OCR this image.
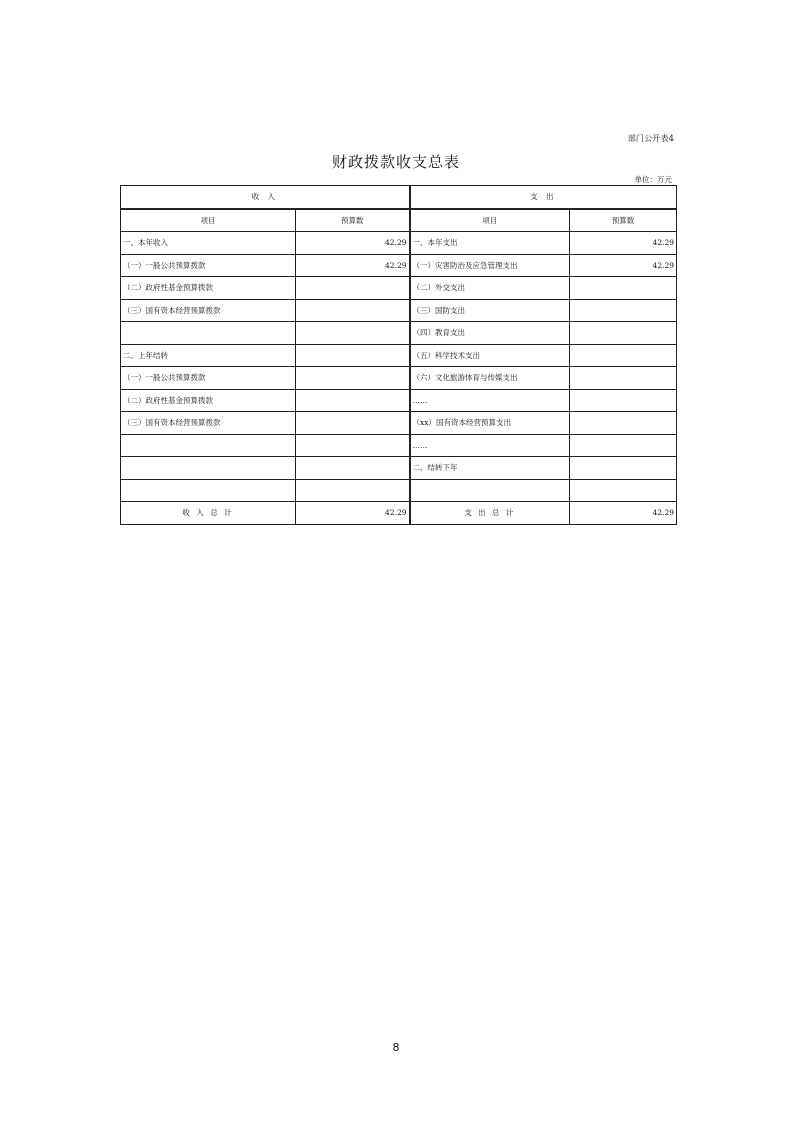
部门公开表4
财政拨款收支总表
单位：万元
收 入		支 出	
项目	预算数	项目	预算数
一、本年收入	42.29	一、本年支出	42.29
（一）一般公共预算拨款	42.29	（一）灾害防治及应急管理支出	42.29
（二）政府性基金预算拨款		（二）外交支出	
（三）国有资本经营预算拨款		（三）国防支出	
		（四）教育支出	
二、上年结转		（五）科学技术支出	
（一）一般公共预算拨款		（六）文化旅游体育与传媒支出	
（二）政府性基金预算拨款		……	
（三）国有资本经营预算拨款		（xx）国有资本经营预算支出	
		……	
		二、结转下年	

收 入 总 计	42.29	支 出 总 计	42.29
8
